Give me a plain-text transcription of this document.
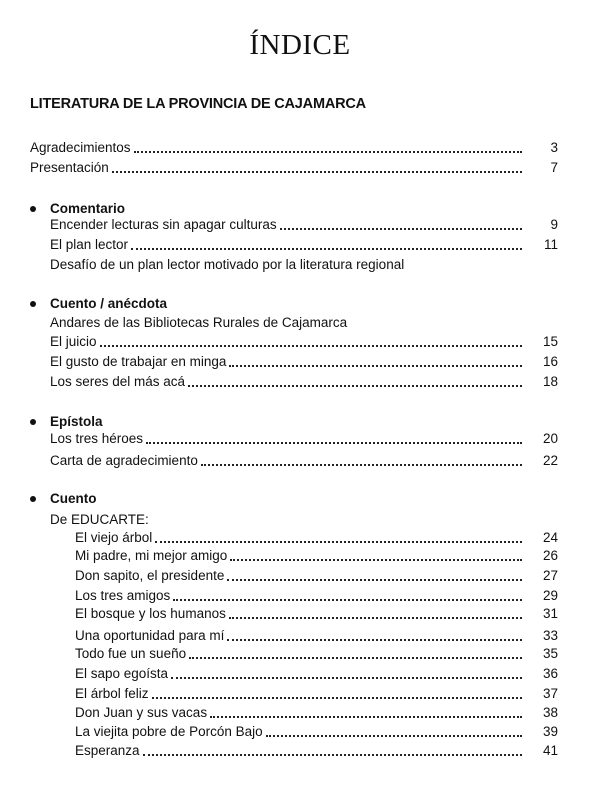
ÍNDICE
LITERATURA DE LA PROVINCIA DE CAJAMARCA
Agradecimientos	3
Presentación	7
Comentario
Encender lecturas sin apagar culturas	9
El plan lector	11
Desafío de un plan lector motivado por la literatura regional
Cuento / anécdota
Andares de las Bibliotecas Rurales de Cajamarca
El juicio	15
El gusto de trabajar en minga	16
Los seres del más acá	18
Epístola
Los tres héroes	20
Carta de agradecimiento	22
Cuento
De EDUCARTE:
El viejo árbol	24
Mi padre, mi mejor amigo	26
Don sapito, el presidente	27
Los tres amigos	29
El bosque y los humanos	31
Una oportunidad para mí	33
Todo fue un sueño	35
El sapo egoísta	36
El árbol feliz	37
Don Juan y sus vacas	38
La viejita pobre de Porcón Bajo	39
Esperanza	41
